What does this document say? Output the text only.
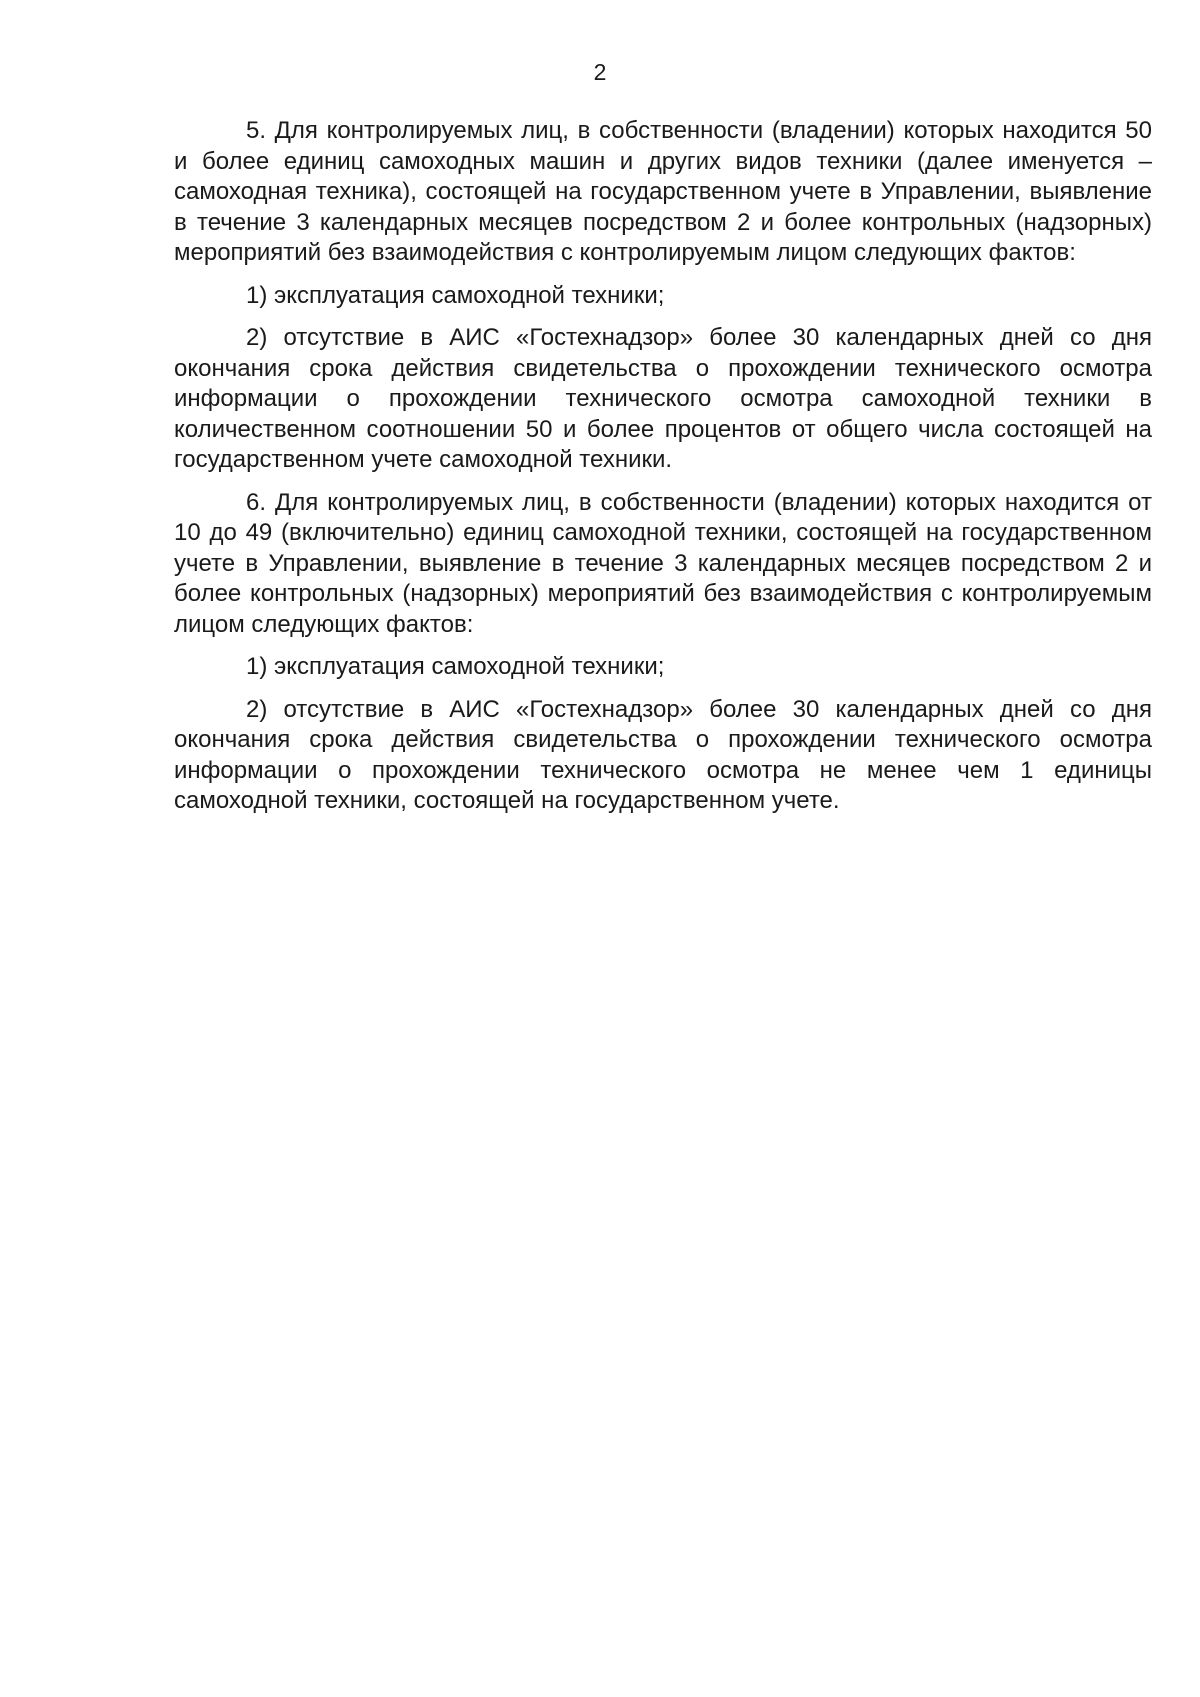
2

5. Для контролируемых лиц, в собственности (владении) которых находится 50 и более единиц самоходных машин и других видов техники (далее именуется – самоходная техника), состоящей на государственном учете в Управлении, выявление в течение 3 календарных месяцев посредством 2 и более контрольных (надзорных) мероприятий без взаимодействия с контролируемым лицом следующих фактов:

1) эксплуатация самоходной техники;

2) отсутствие в АИС «Гостехнадзор» более 30 календарных дней со дня окончания срока действия свидетельства о прохождении технического осмотра информации о прохождении технического осмотра самоходной техники в количественном соотношении 50 и более процентов от общего числа состоящей на государственном учете самоходной техники.

6. Для контролируемых лиц, в собственности (владении) которых находится от 10 до 49 (включительно) единиц самоходной техники, состоящей на государственном учете в Управлении, выявление в течение 3 календарных месяцев посредством 2 и более контрольных (надзорных) мероприятий без взаимодействия с контролируемым лицом следующих фактов:

1) эксплуатация самоходной техники;

2) отсутствие в АИС «Гостехнадзор» более 30 календарных дней со дня окончания срока действия свидетельства о прохождении технического осмотра информации о прохождении технического осмотра не менее чем 1 единицы самоходной техники, состоящей на государственном учете.
